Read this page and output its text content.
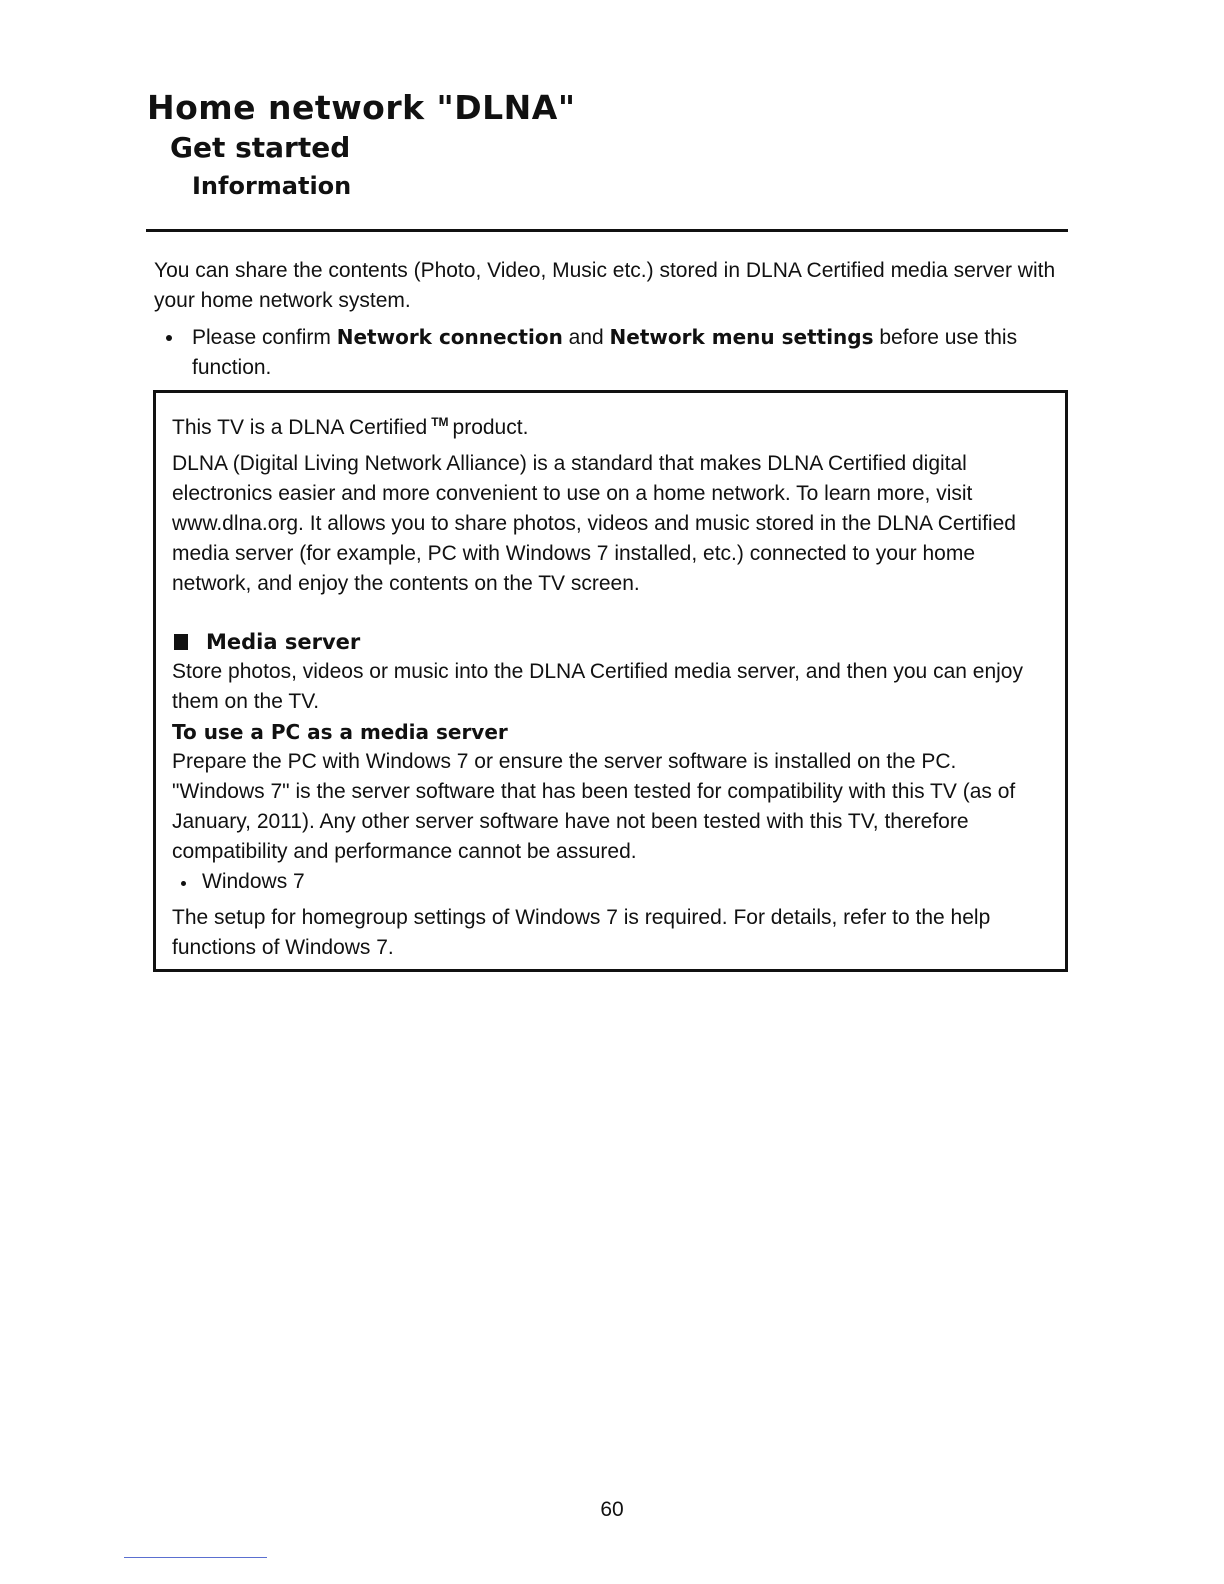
Home network "DLNA"
Get started
Information

You can share the contents (Photo, Video, Music etc.) stored in DLNA Certified media server with your home network system.

Please confirm Network connection and Network menu settings before use this function.

This TV is a DLNA Certified ™ product.

DLNA (Digital Living Network Alliance) is a standard that makes DLNA Certified digital electronics easier and more convenient to use on a home network. To learn more, visit www.dlna.org. It allows you to share photos, videos and music stored in the DLNA Certified media server (for example, PC with Windows 7 installed, etc.) connected to your home network, and enjoy the contents on the TV screen.

Media server

Store photos, videos or music into the DLNA Certified media server, and then you can enjoy them on the TV.

To use a PC as a media server

Prepare the PC with Windows 7 or ensure the server software is installed on the PC. "Windows 7" is the server software that has been tested for compatibility with this TV (as of January, 2011). Any other server software have not been tested with this TV, therefore compatibility and performance cannot be assured.

Windows 7

The setup for homegroup settings of Windows 7 is required. For details, refer to the help functions of Windows 7.

60
